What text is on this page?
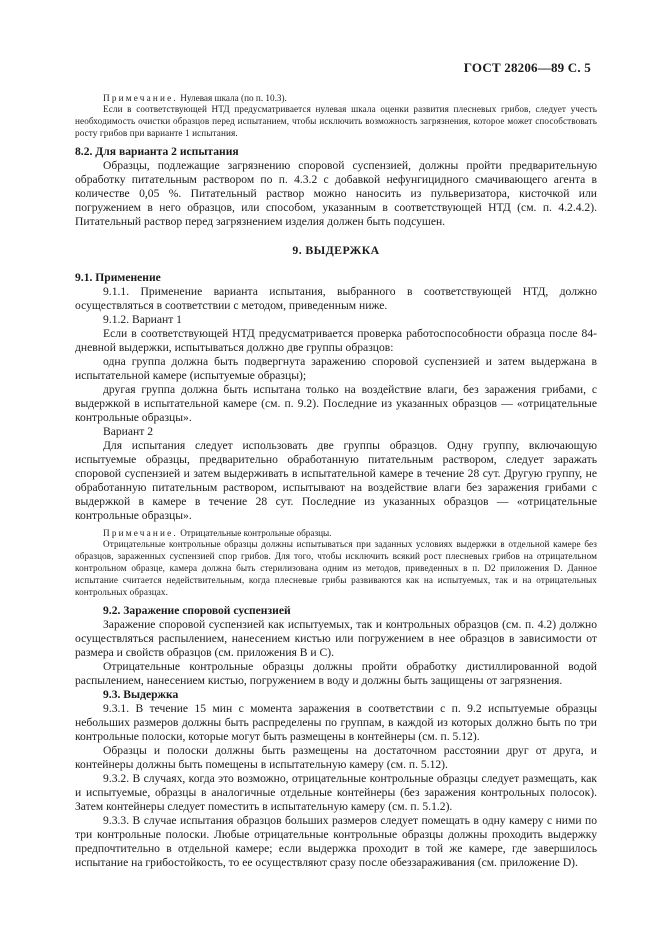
ГОСТ 28206—89 С. 5

Примечание. Нулевая шкала (по п. 10.3).

Если в соответствующей НТД предусматривается нулевая шкала оценки развития плесневых грибов, следует учесть необходимость очистки образцов перед испытанием, чтобы исключить возможность загрязнения, которое может способствовать росту грибов при варианте 1 испытания.

8.2. Для варианта 2 испытания

Образцы, подлежащие загрязнению споровой суспензией, должны пройти предварительную обработку питательным раствором по п. 4.3.2 с добавкой нефунгицидного смачивающего агента в количестве 0,05 %. Питательный раствор можно наносить из пульверизатора, кисточкой или погружением в него образцов, или способом, указанным в соответствующей НТД (см. п. 4.2.4.2). Питательный раствор перед загрязнением изделия должен быть подсушен.

9. ВЫДЕРЖКА

9.1. Применение

9.1.1. Применение варианта испытания, выбранного в соответствующей НТД, должно осуществляться в соответствии с методом, приведенным ниже.

9.1.2. Вариант 1

Если в соответствующей НТД предусматривается проверка работоспособности образца после 84-дневной выдержки, испытываться должно две группы образцов:

одна группа должна быть подвергнута заражению споровой суспензией и затем выдержана в испытательной камере (испытуемые образцы);

другая группа должна быть испытана только на воздействие влаги, без заражения грибами, с выдержкой в испытательной камере (см. п. 9.2). Последние из указанных образцов — «отрицательные контрольные образцы».

Вариант 2

Для испытания следует использовать две группы образцов. Одну группу, включающую испытуемые образцы, предварительно обработанную питательным раствором, следует заражать споровой суспензией и затем выдерживать в испытательной камере в течение 28 сут. Другую группу, не обработанную питательным раствором, испытывают на воздействие влаги без заражения грибами с выдержкой в камере в течение 28 сут. Последние из указанных образцов — «отрицательные контрольные образцы».

Примечание. Отрицательные контрольные образцы.

Отрицательные контрольные образцы должны испытываться при заданных условиях выдержки в отдельной камере без образцов, зараженных суспензией спор грибов. Для того, чтобы исключить всякий рост плесневых грибов на отрицательном контрольном образце, камера должна быть стерилизована одним из методов, приведенных в п. D2 приложения D. Данное испытание считается недействительным, когда плесневые грибы развиваются как на испытуемых, так и на отрицательных контрольных образцах.

9.2. Заражение споровой суспензией

Заражение споровой суспензией как испытуемых, так и контрольных образцов (см. п. 4.2) должно осуществляться распылением, нанесением кистью или погружением в нее образцов в зависимости от размера и свойств образцов (см. приложения В и С).

Отрицательные контрольные образцы должны пройти обработку дистиллированной водой распылением, нанесением кистью, погружением в воду и должны быть защищены от загрязнения.

9.3. Выдержка

9.3.1. В течение 15 мин с момента заражения в соответствии с п. 9.2 испытуемые образцы небольших размеров должны быть распределены по группам, в каждой из которых должно быть по три контрольные полоски, которые могут быть размещены в контейнеры (см. п. 5.12).

Образцы и полоски должны быть размещены на достаточном расстоянии друг от друга, и контейнеры должны быть помещены в испытательную камеру (см. п. 5.12).

9.3.2. В случаях, когда это возможно, отрицательные контрольные образцы следует размещать, как и испытуемые, образцы в аналогичные отдельные контейнеры (без заражения контрольных полосок). Затем контейнеры следует поместить в испытательную камеру (см. п. 5.1.2).

9.3.3. В случае испытания образцов больших размеров следует помещать в одну камеру с ними по три контрольные полоски. Любые отрицательные контрольные образцы должны проходить выдержку предпочтительно в отдельной камере; если выдержка проходит в той же камере, где завершилось испытание на грибостойкость, то ее осуществляют сразу после обеззараживания (см. приложение D).
